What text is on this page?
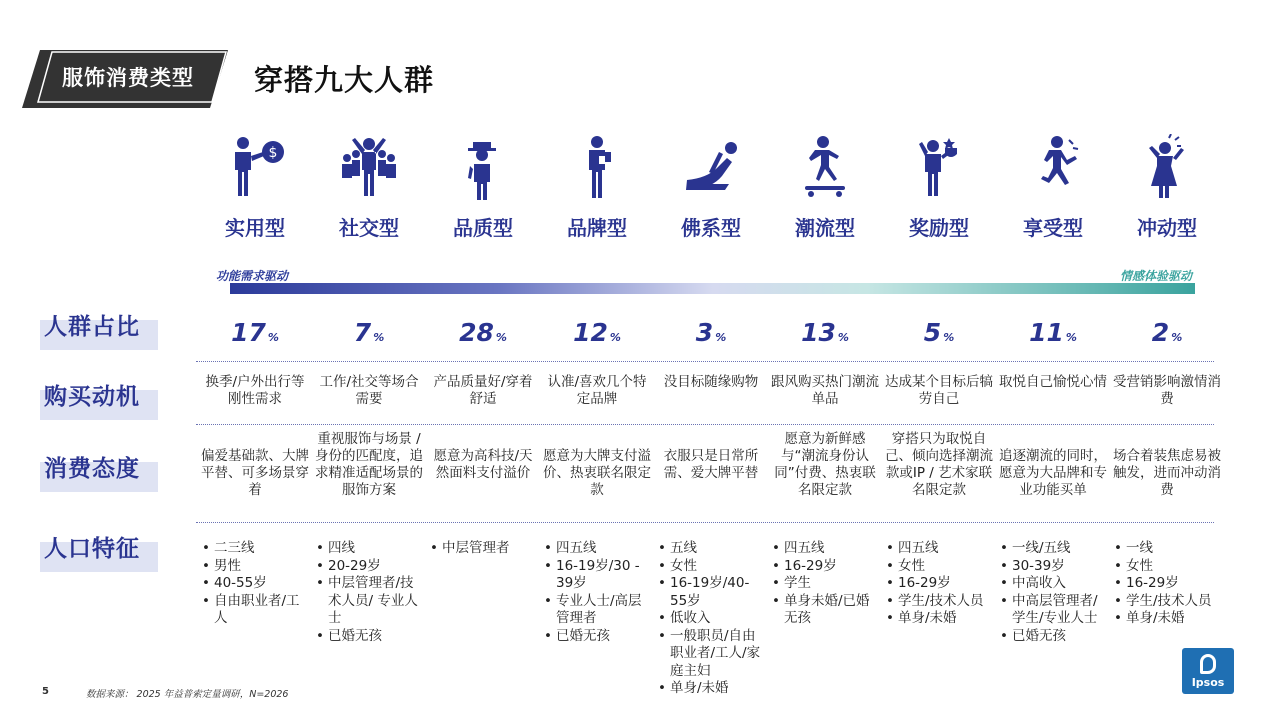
服饰消费类型 穿搭九大人群
$
实用型
17 %
换季/户外出行等刚性需求
偏爱基础款、大牌平替、可多场景穿着
• 二三线
• 男性
• 40-55岁
• 自由职业者/工人
社交型
7 %
工作/社交等场合需要
重视服饰与场景 / 身份的匹配度，追求精准适配场景的服饰方案
• 四线
• 20-29岁
• 中层管理者/技术人员/ 专业人士
• 已婚无孩
品质型
28 %
产品质量好/穿着舒适
愿意为高科技/天然面料支付溢价
• 中层管理者
品牌型
12 %
认准/喜欢几个特定品牌
愿意为大牌支付溢价、热衷联名限定款
• 四五线
• 16-19岁/30 - 39岁
• 专业人士/高层管理者
• 已婚无孩
佛系型
3 %
没目标随缘购物
衣服只是日常所需、爱大牌平替
• 五线
• 女性
• 16-19岁/40-55岁
• 低收入
• 一般职员/自由职业者/工人/家庭主妇
• 单身/未婚
潮流型
13 %
跟风购买热门潮流单品
愿意为新鲜感与“潮流身份认同”付费、热衷联名限定款
• 四五线
• 16-29岁
• 学生
• 单身未婚/已婚无孩
奖励型
5 %
达成某个目标后犒劳自己
穿搭只为取悦自己、倾向选择潮流款或IP / 艺术家联名限定款
• 四五线
• 女性
• 16-29岁
• 学生/技术人员
• 单身/未婚
享受型
11 %
取悦自己愉悦心情
追逐潮流的同时，愿意为大品牌和专业功能买单
• 一线/五线
• 30-39岁
• 中高收入
• 中高层管理者/学生/专业人士
• 已婚无孩
冲动型
2 %
受营销影响激情消费
场合着装焦虑易被触发，进而冲动消费
• 一线
• 女性
• 16-29岁
• 学生/技术人员
• 单身/未婚
功能需求驱动	情感体验驱动
人群占比
购买动机
消费态度
人口特征
5	数据来源： 2025 年益普索定量调研，N=2026
Ipsos
